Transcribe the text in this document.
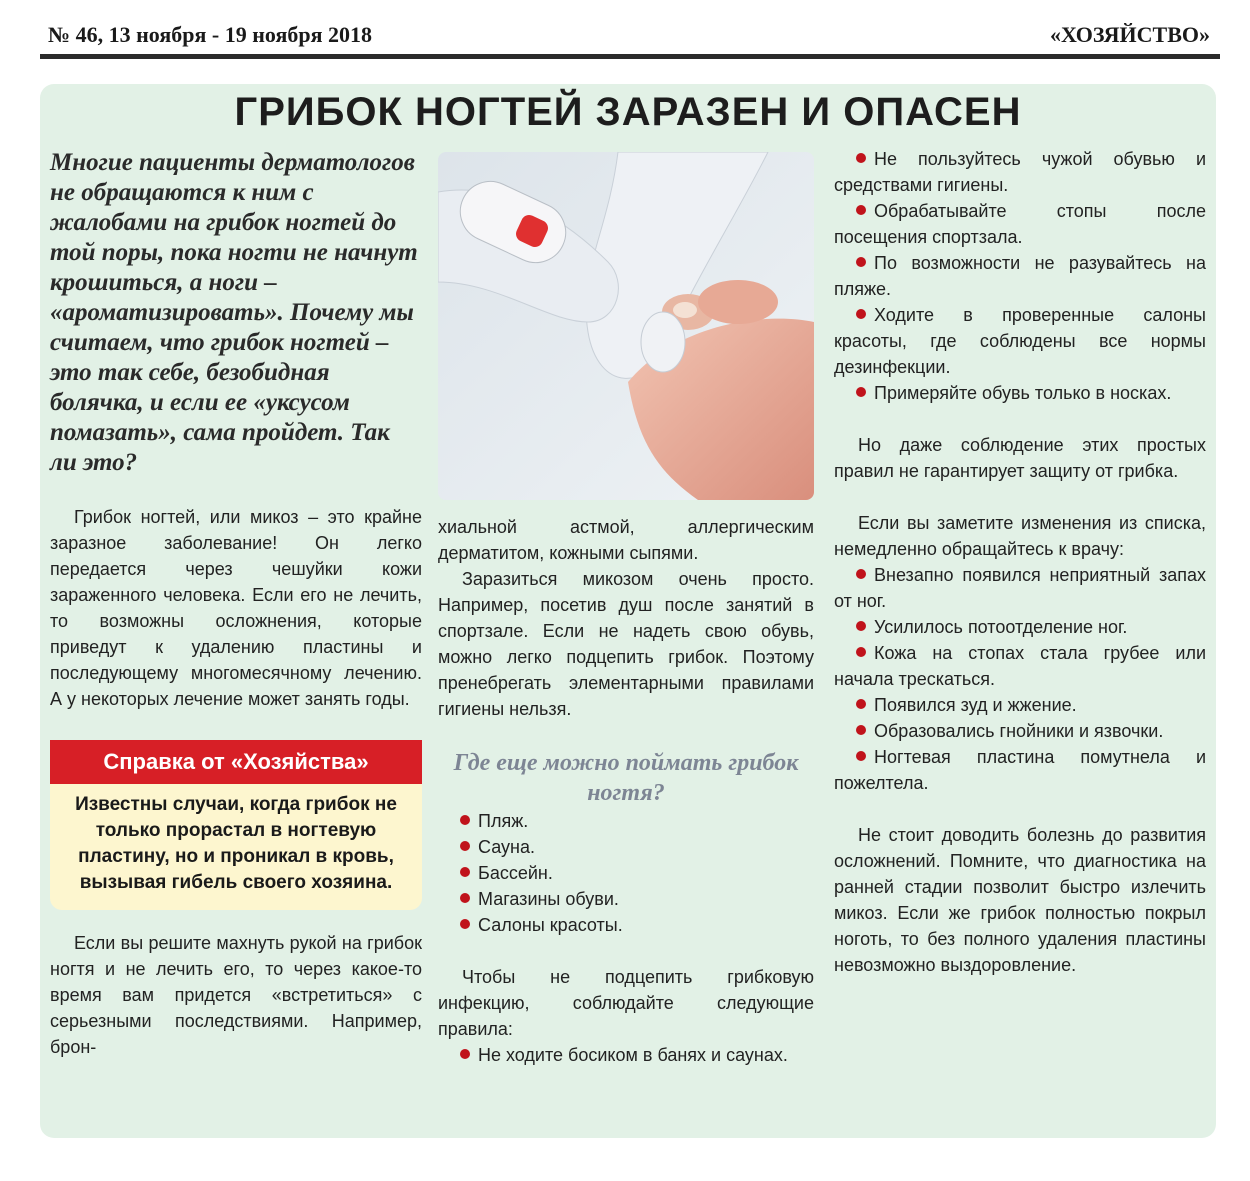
№ 46, 13 ноября - 19 ноября 2018	«ХОЗЯЙСТВО»
ГРИБОК НОГТЕЙ ЗАРАЗЕН И ОПАСЕН

Многие пациенты дерматологов не обращаются к ним с жалобами на грибок ногтей до той поры, пока ногти не начнут крошиться, а ноги – «ароматизировать». Почему мы считаем, что грибок ногтей – это так себе, безобидная болячка, и если ее «уксусом помазать», сама пройдет. Так ли это?

Грибок ногтей, или микоз – это крайне заразное заболевание! Он легко передается через чешуйки кожи зараженного человека. Если его не лечить, то возможны осложнения, которые приведут к удалению пластины и последующему многомесячному лечению. А у некоторых лечение может занять годы.

Справка от «Хозяйства»
Известны случаи, когда грибок не только прорастал в ногтевую пластину, но и проникал в кровь, вызывая гибель своего хозяина.

Если вы решите махнуть рукой на грибок ногтя и не лечить его, то через какое-то время вам придется «встретиться» с серьезными последствиями. Например, брон-

хиальной астмой, аллергическим дерматитом, кожными сыпями.

Заразиться микозом очень просто. Например, посетив душ после занятий в спортзале. Если не надеть свою обувь, можно легко подцепить грибок. Поэтому пренебрегать элементарными правилами гигиены нельзя.

Где еще можно поймать грибок ногтя?

Пляж.
Сауна.
Бассейн.
Магазины обуви.
Салоны красоты.

Чтобы не подцепить грибковую инфекцию, соблюдайте следующие правила:

Не ходите босиком в банях и саунах.
Не пользуйтесь чужой обувью и средствами гигиены.
Обрабатывайте стопы после посещения спортзала.
По возможности не разувайтесь на пляже.
Ходите в проверенные салоны красоты, где соблюдены все нормы дезинфекции.
Примеряйте обувь только в носках.

Но даже соблюдение этих простых правил не гарантирует защиту от грибка.

Если вы заметите изменения из списка, немедленно обращайтесь к врачу:

Внезапно появился неприятный запах от ног.
Усилилось потоотделение ног.
Кожа на стопах стала грубее или начала трескаться.
Появился зуд и жжение.
Образовались гнойники и язвочки.
Ногтевая пластина помутнела и пожелтела.

Не стоит доводить болезнь до развития осложнений. Помните, что диагностика на ранней стадии позволит быстро излечить микоз. Если же грибок полностью покрыл ноготь, то без полного удаления пластины невозможно выздоровление.
